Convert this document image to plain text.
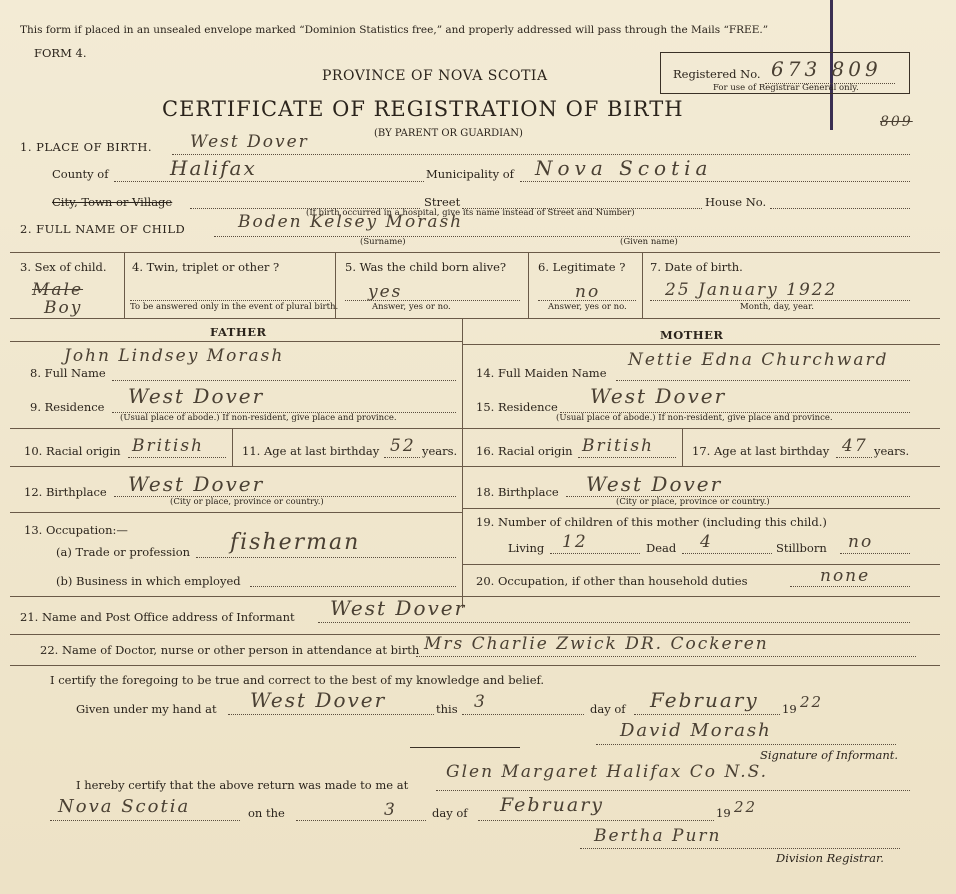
This form if placed in an unsealed envelope marked “Dominion Statistics free,” and properly addressed will pass through the Mails “FREE.”
FORM 4.
PROVINCE OF NOVA SCOTIA
CERTIFICATE OF REGISTRATION OF BIRTH
(BY PARENT OR GUARDIAN)
Registered No. 673 809
For use of Registrar General only.
809
1. PLACE OF BIRTH. West Dover
County of	Halifax	Municipality of Nova Scotia
City, Town or Village	Street	House No.
(If birth occurred in a hospital, give its name instead of Street and Number)
2. FULL NAME OF CHILD	Boden Kelsey Morash
(Surname)	(Given name)
3. Sex of child.
Male
Boy
4. Twin, triplet or other ?
To be answered only in the event of plural birth.
5. Was the child born alive?
yes
Answer, yes or no.
6. Legitimate ?
no
Answer, yes or no.
7. Date of birth.
25 January 1922
Month, day, year.
FATHER	MOTHER
8. Full Name
John Lindsey Morash
9. Residence West Dover
(Usual place of abode.) If non-resident, give place and province.
10. Racial origin British	11. Age at last birthday 52 years.
12. Birthplace West Dover
(City or place, province or country.)
13. Occupation:—
(a) Trade or profession fisherman
(b) Business in which employed
14. Full Maiden Name
Nettie Edna Churchward
15. Residence West Dover
(Usual place of abode.) If non-resident, give place and province.
16. Racial origin British	17. Age at last birthday 47 years.
18. Birthplace West Dover
(City or place, province or country.)
19. Number of children of this mother (including this child.)
Living 12	Dead 4	Stillborn no
20. Occupation, if other than household duties	none
21. Name and Post Office address of Informant West Dover
22. Name of Doctor, nurse or other person in attendance at birth Mrs Charlie Zwick DR. Cockeren
I certify the foregoing to be true and correct to the best of my knowledge and belief.
Given under my hand at West Dover	this 3	day of February 19 22
David Morash
Signature of Informant.
I hereby certify that the above return was made to me at
Glen Margaret Halifax Co N.S.
Nova Scotia	on the	3	day of February	19 22
Bertha Purn
Division Registrar.
